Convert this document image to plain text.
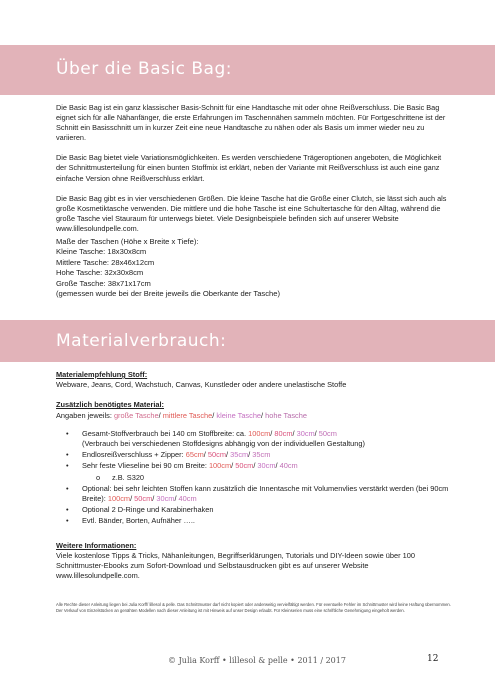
Über die Basic Bag:

Die Basic Bag ist ein ganz klassischer Basis-Schnitt für eine Handtasche mit oder ohne Reißverschluss. Die Basic Bag eignet sich für alle Nähanfänger, die erste Erfahrungen im Taschennähen sammeln möchten. Für Fortgeschrittene ist der Schnitt ein Basisschnitt um in kurzer Zeit eine neue Handtasche zu nähen oder als Basis um immer wieder neu zu variieren.

Die Basic Bag bietet viele Variationsmöglichkeiten. Es werden verschiedene Trägeroptionen angeboten, die Möglichkeit der Schnittmusterteilung für einen bunten Stoffmix ist erklärt, neben der Variante mit Reißverschluss ist auch eine ganz einfache Version ohne Reißverschluss erklärt.

Die Basic Bag gibt es in vier verschiedenen Größen. Die kleine Tasche hat die Größe einer Clutch, sie lässt sich auch als große Kosmetiktasche verwenden. Die mittlere und die hohe Tasche ist eine Schultertasche für den Alltag, während die große Tasche viel Stauraum für unterwegs bietet. Viele Designbeispiele befinden sich auf unserer Website www.lillesolundpelle.com.

Maße der Taschen (Höhe x Breite x Tiefe):

Kleine Tasche: 18x30x8cm

Mittlere Tasche: 28x46x12cm

Hohe Tasche: 32x30x8cm

Große Tasche: 38x71x17cm

(gemessen wurde bei der Breite jeweils die Oberkante der Tasche)

Materialverbrauch:

Materialempfehlung Stoff:

Webware, Jeans, Cord, Wachstuch, Canvas, Kunstleder oder andere unelastische Stoffe

Zusätzlich benötigtes Material:

Angaben jeweils: große Tasche/ mittlere Tasche/ kleine Tasche/ hohe Tasche

• Gesamt-Stoffverbrauch bei 140 cm Stoffbreite: ca. 100cm/ 80cm/ 30cm/ 50cm
(Verbrauch bei verschiedenen Stoffdesigns abhängig von der individuellen Gestaltung)
• Endlosreißverschluss + Zipper: 65cm/ 50cm/ 35cm/ 35cm
• Sehr feste Vlieseline bei 90 cm Breite: 100cm/ 50cm/ 30cm/ 40cm
o z.B. S320
• Optional: bei sehr leichten Stoffen kann zusätzlich die Innentasche mit Volumenvlies verstärkt werden (bei 90cm Breite): 100cm/ 50cm/ 30cm/ 40cm
• Optional 2 D-Ringe und Karabinerhaken
• Evtl. Bänder, Borten, Aufnäher …..

Weitere Informationen:

Viele kostenlose Tipps & Tricks, Nähanleitungen, Begriffserklärungen, Tutorials und DIY-Ideen sowie über 100 Schnittmuster-Ebooks zum Sofort-Download und Selbstausdrucken gibt es auf unserer Website www.lillesolundpelle.com.

Alle Rechte dieser Anleitung liegen bei Julia Korff/ lillesol & pelle. Das Schnittmuster darf nicht kopiert oder anderweitig vervielfältigt werden. Für eventuelle Fehler im Schnittmuster wird keine Haftung übernommen. Der Verkauf von Einzelstücken an genähten Modellen nach dieser Anleitung ist mit Hinweis auf unser Design erlaubt. Für Kleinserien muss eine schriftliche Genehmigung eingeholt werden.
© Julia Korff • lillesol & pelle • 2011 / 2017	12
